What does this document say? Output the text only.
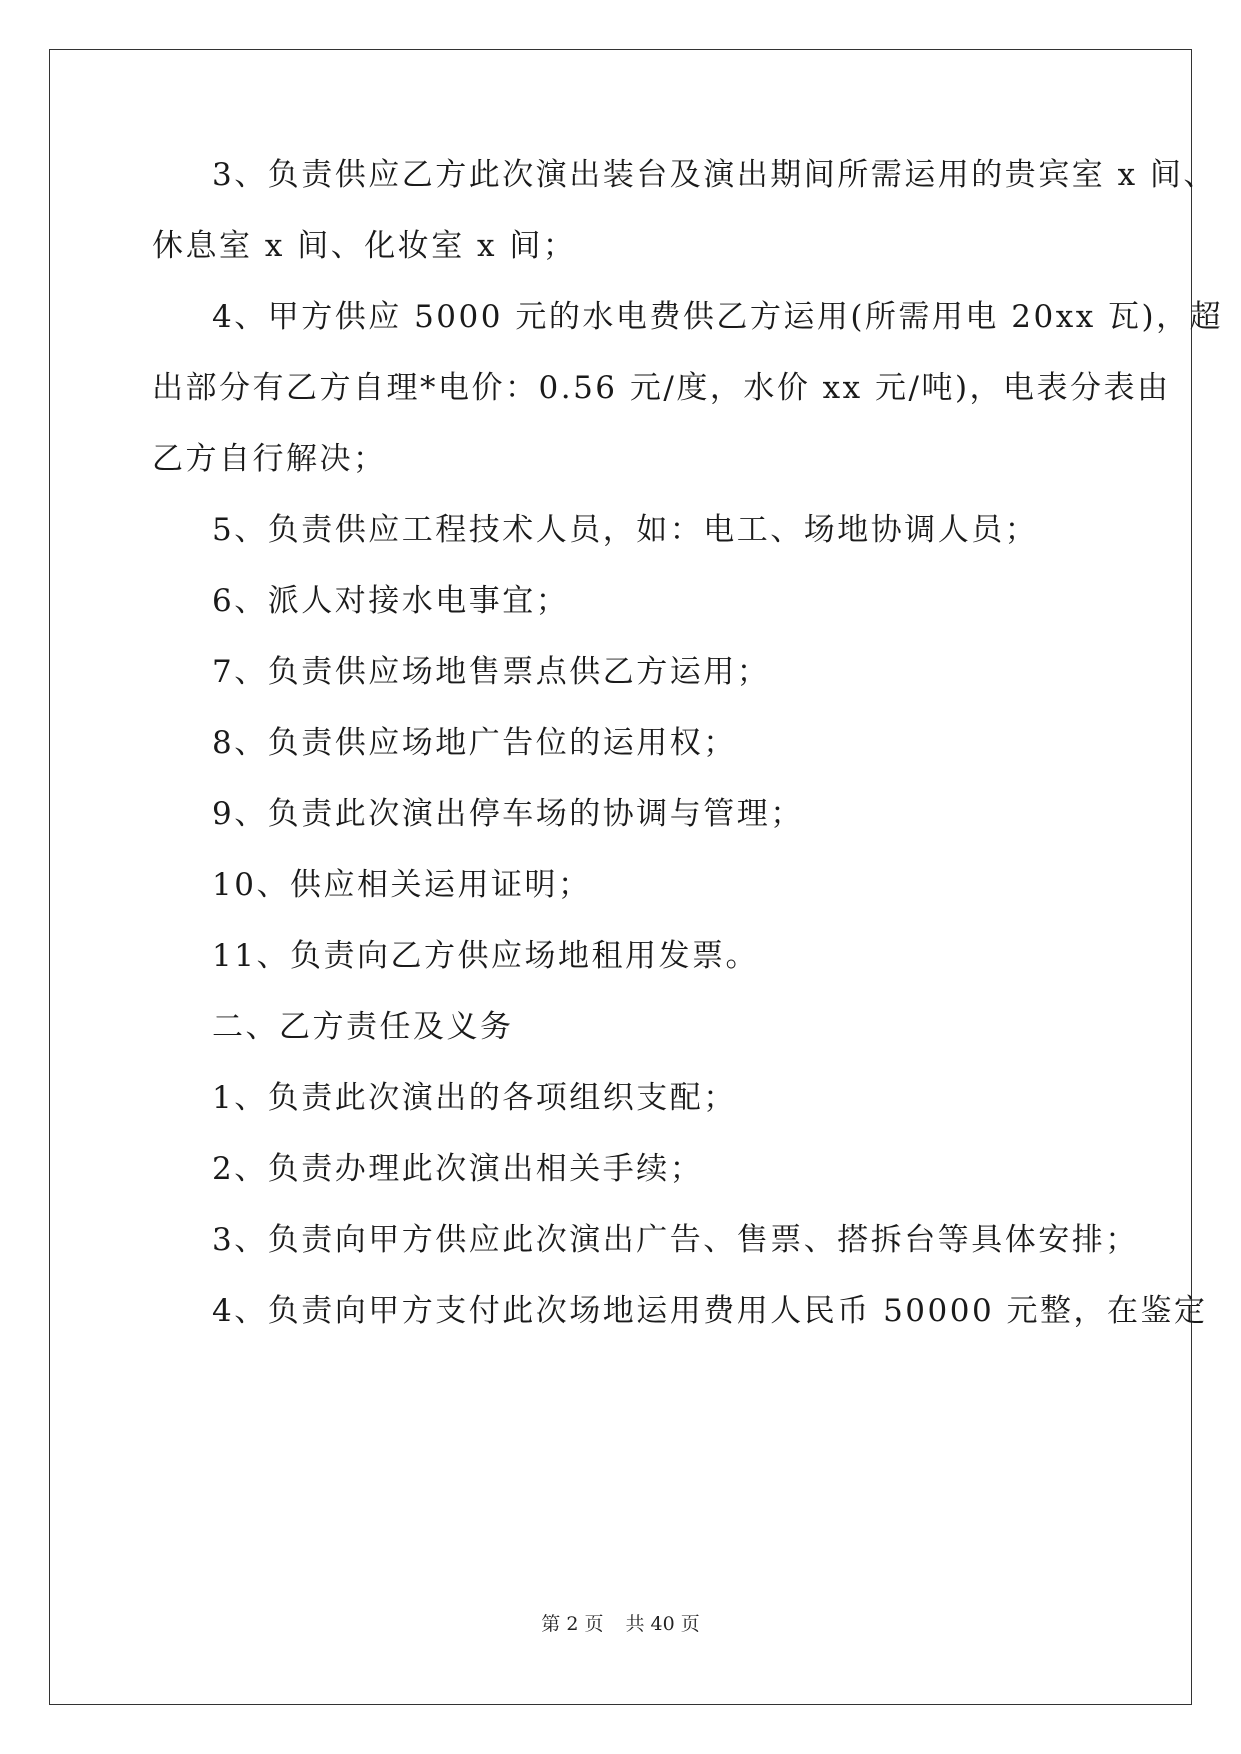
3、负责供应乙方此次演出装台及演出期间所需运用的贵宾室 x 间、
休息室 x 间、化妆室 x 间；
4、甲方供应 5000 元的水电费供乙方运用(所需用电 20xx 瓦)，超
出部分有乙方自理*电价：0.56 元/度，水价 xx 元/吨)，电表分表由
乙方自行解决；
5、负责供应工程技术人员，如：电工、场地协调人员；
6、派人对接水电事宜；
7、负责供应场地售票点供乙方运用；
8、负责供应场地广告位的运用权；
9、负责此次演出停车场的协调与管理；
10、供应相关运用证明；
11、负责向乙方供应场地租用发票。
二、乙方责任及义务
1、负责此次演出的各项组织支配；
2、负责办理此次演出相关手续；
3、负责向甲方供应此次演出广告、售票、搭拆台等具体安排；
4、负责向甲方支付此次场地运用费用人民币 50000 元整，在鉴定
第 2 页 共 40 页
